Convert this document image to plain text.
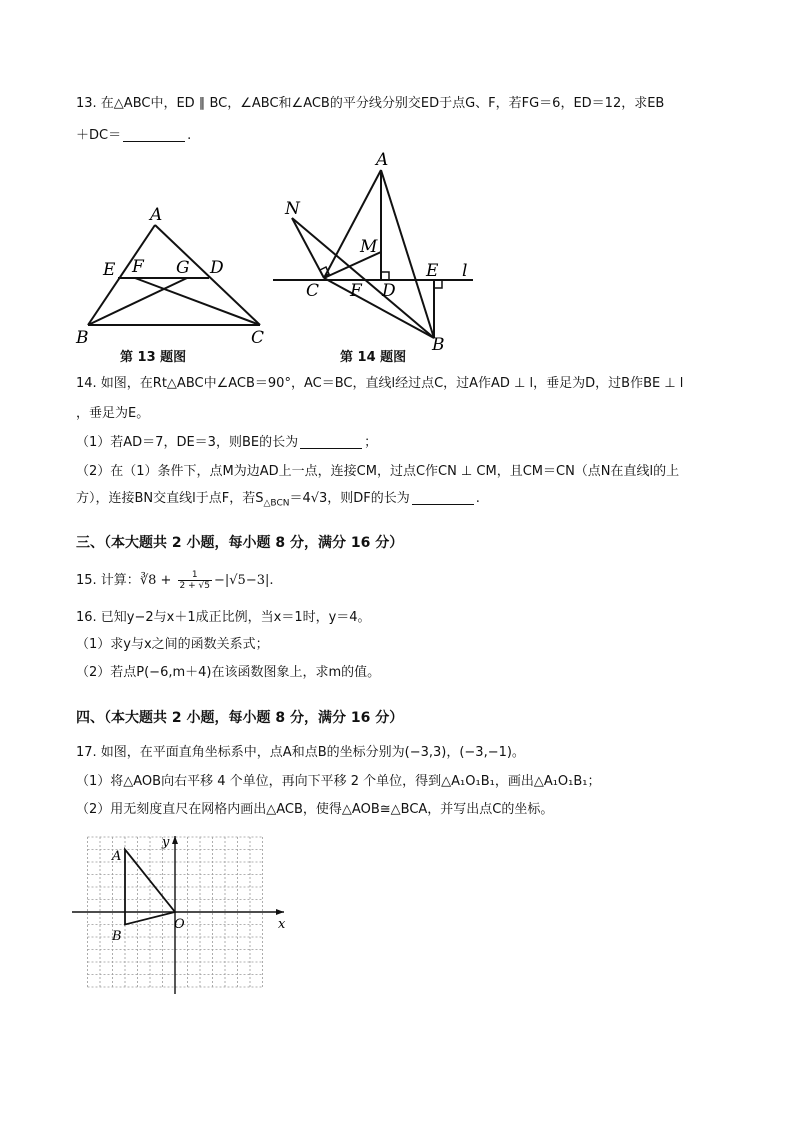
13. 在△ABC中，ED ∥ BC，∠ABC和∠ACB的平分线分别交ED于点G、F，若FG＝6，ED＝12，求EB
＋DC＝	.
A
E F G D
B	C
第 13 题图
A
N
M
C F D
E l
B
第 14 题图
14. 如图，在Rt△ABC中∠ACB＝90°，AC＝BC，直线l经过点C，过A作AD ⊥ l，垂足为D，过B作BE ⊥ l
，垂足为E。
（1）若AD＝7，DE＝3，则BE的长为	；
（2）在（1）条件下，点M为边AD上一点，连接CM，过点C作CN ⊥ CM，且CM＝CN（点N在直线l的上
方），连接BN交直线l于点F，若$S_{\triangle BCN}=4√3$，则DF的长为	.
三、（本大题共 2 小题，每小题 8 分，满分 16 分）
15. 计算：∛8 + $\frac{1}{2 + √5} -|√5-3|$.
16. 已知y−2与x＋1成正比例，当x＝1时，y＝4。
（1）求y与x之间的函数关系式；
（2）若点P(−6,m＋4)在该函数图象上，求m的值。
四、（本大题共 2 小题，每小题 8 分，满分 16 分）
17. 如图，在平面直角坐标系中，点A和点B的坐标分别为(−3,3)，(−3,−1)。
（1）将△AOB向右平移 4 个单位，再向下平移 2 个单位，得到△A₁O₁B₁，画出△A₁O₁B₁；
（2）用无刻度直尺在网格内画出△ACB，使得△AOB≅△BCA，并写出点C的坐标。
A
B
O	x
y
